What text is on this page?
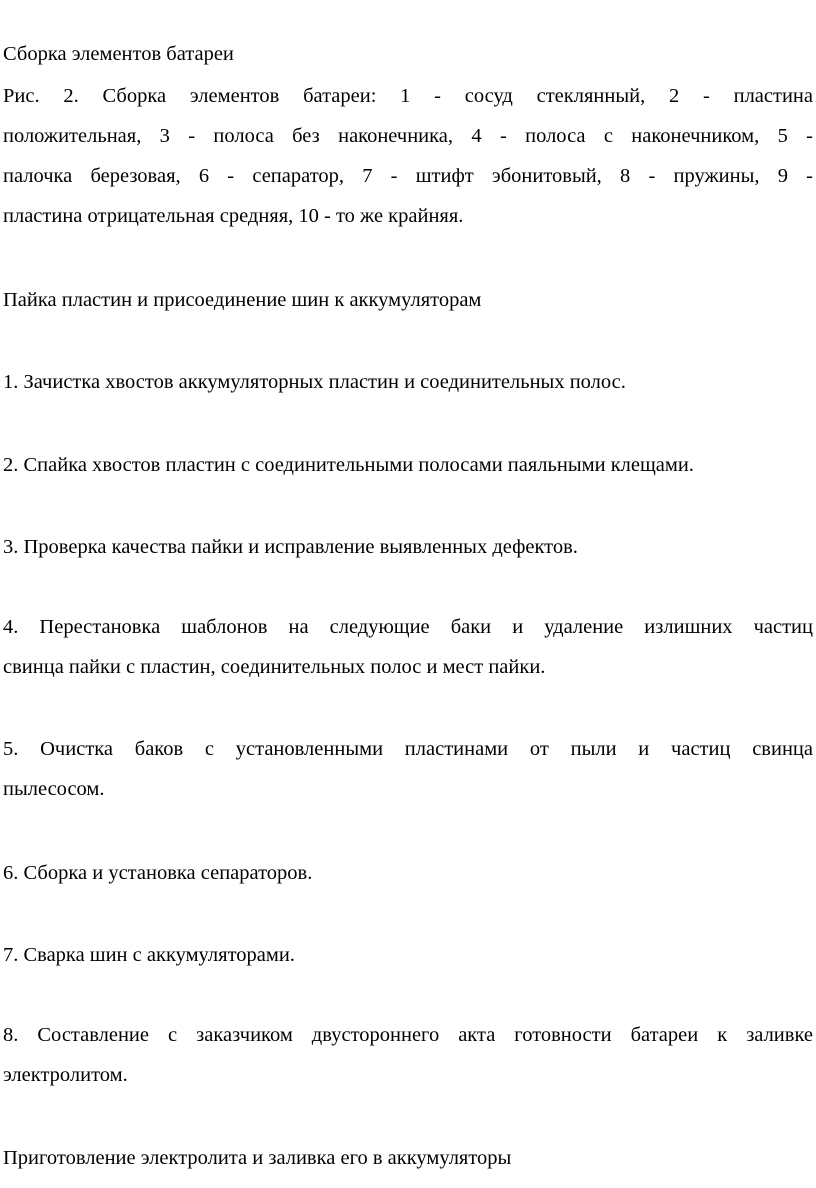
Сборка элементов батареи
Рис. 2. Сборка элементов батареи: 1 - сосуд стеклянный, 2 - пластина
положительная, 3 - полоса без наконечника, 4 - полоса с наконечником, 5 -
палочка березовая, 6 - сепаратор, 7 - штифт эбонитовый, 8 - пружины, 9 -
пластина отрицательная средняя, 10 - то же крайняя.
Пайка пластин и присоединение шин к аккумуляторам
1. Зачистка хвостов аккумуляторных пластин и соединительных полос.
2. Спайка хвостов пластин с соединительными полосами паяльными клещами.
3. Проверка качества пайки и исправление выявленных дефектов.
4. Перестановка шаблонов на следующие баки и удаление излишних частиц
свинца пайки с пластин, соединительных полос и мест пайки.
5. Очистка баков с установленными пластинами от пыли и частиц свинца
пылесосом.
6. Сборка и установка сепараторов.
7. Сварка шин с аккумуляторами.
8. Составление с заказчиком двустороннего акта готовности батареи к заливке
электролитом.
Приготовление электролита и заливка его в аккумуляторы
